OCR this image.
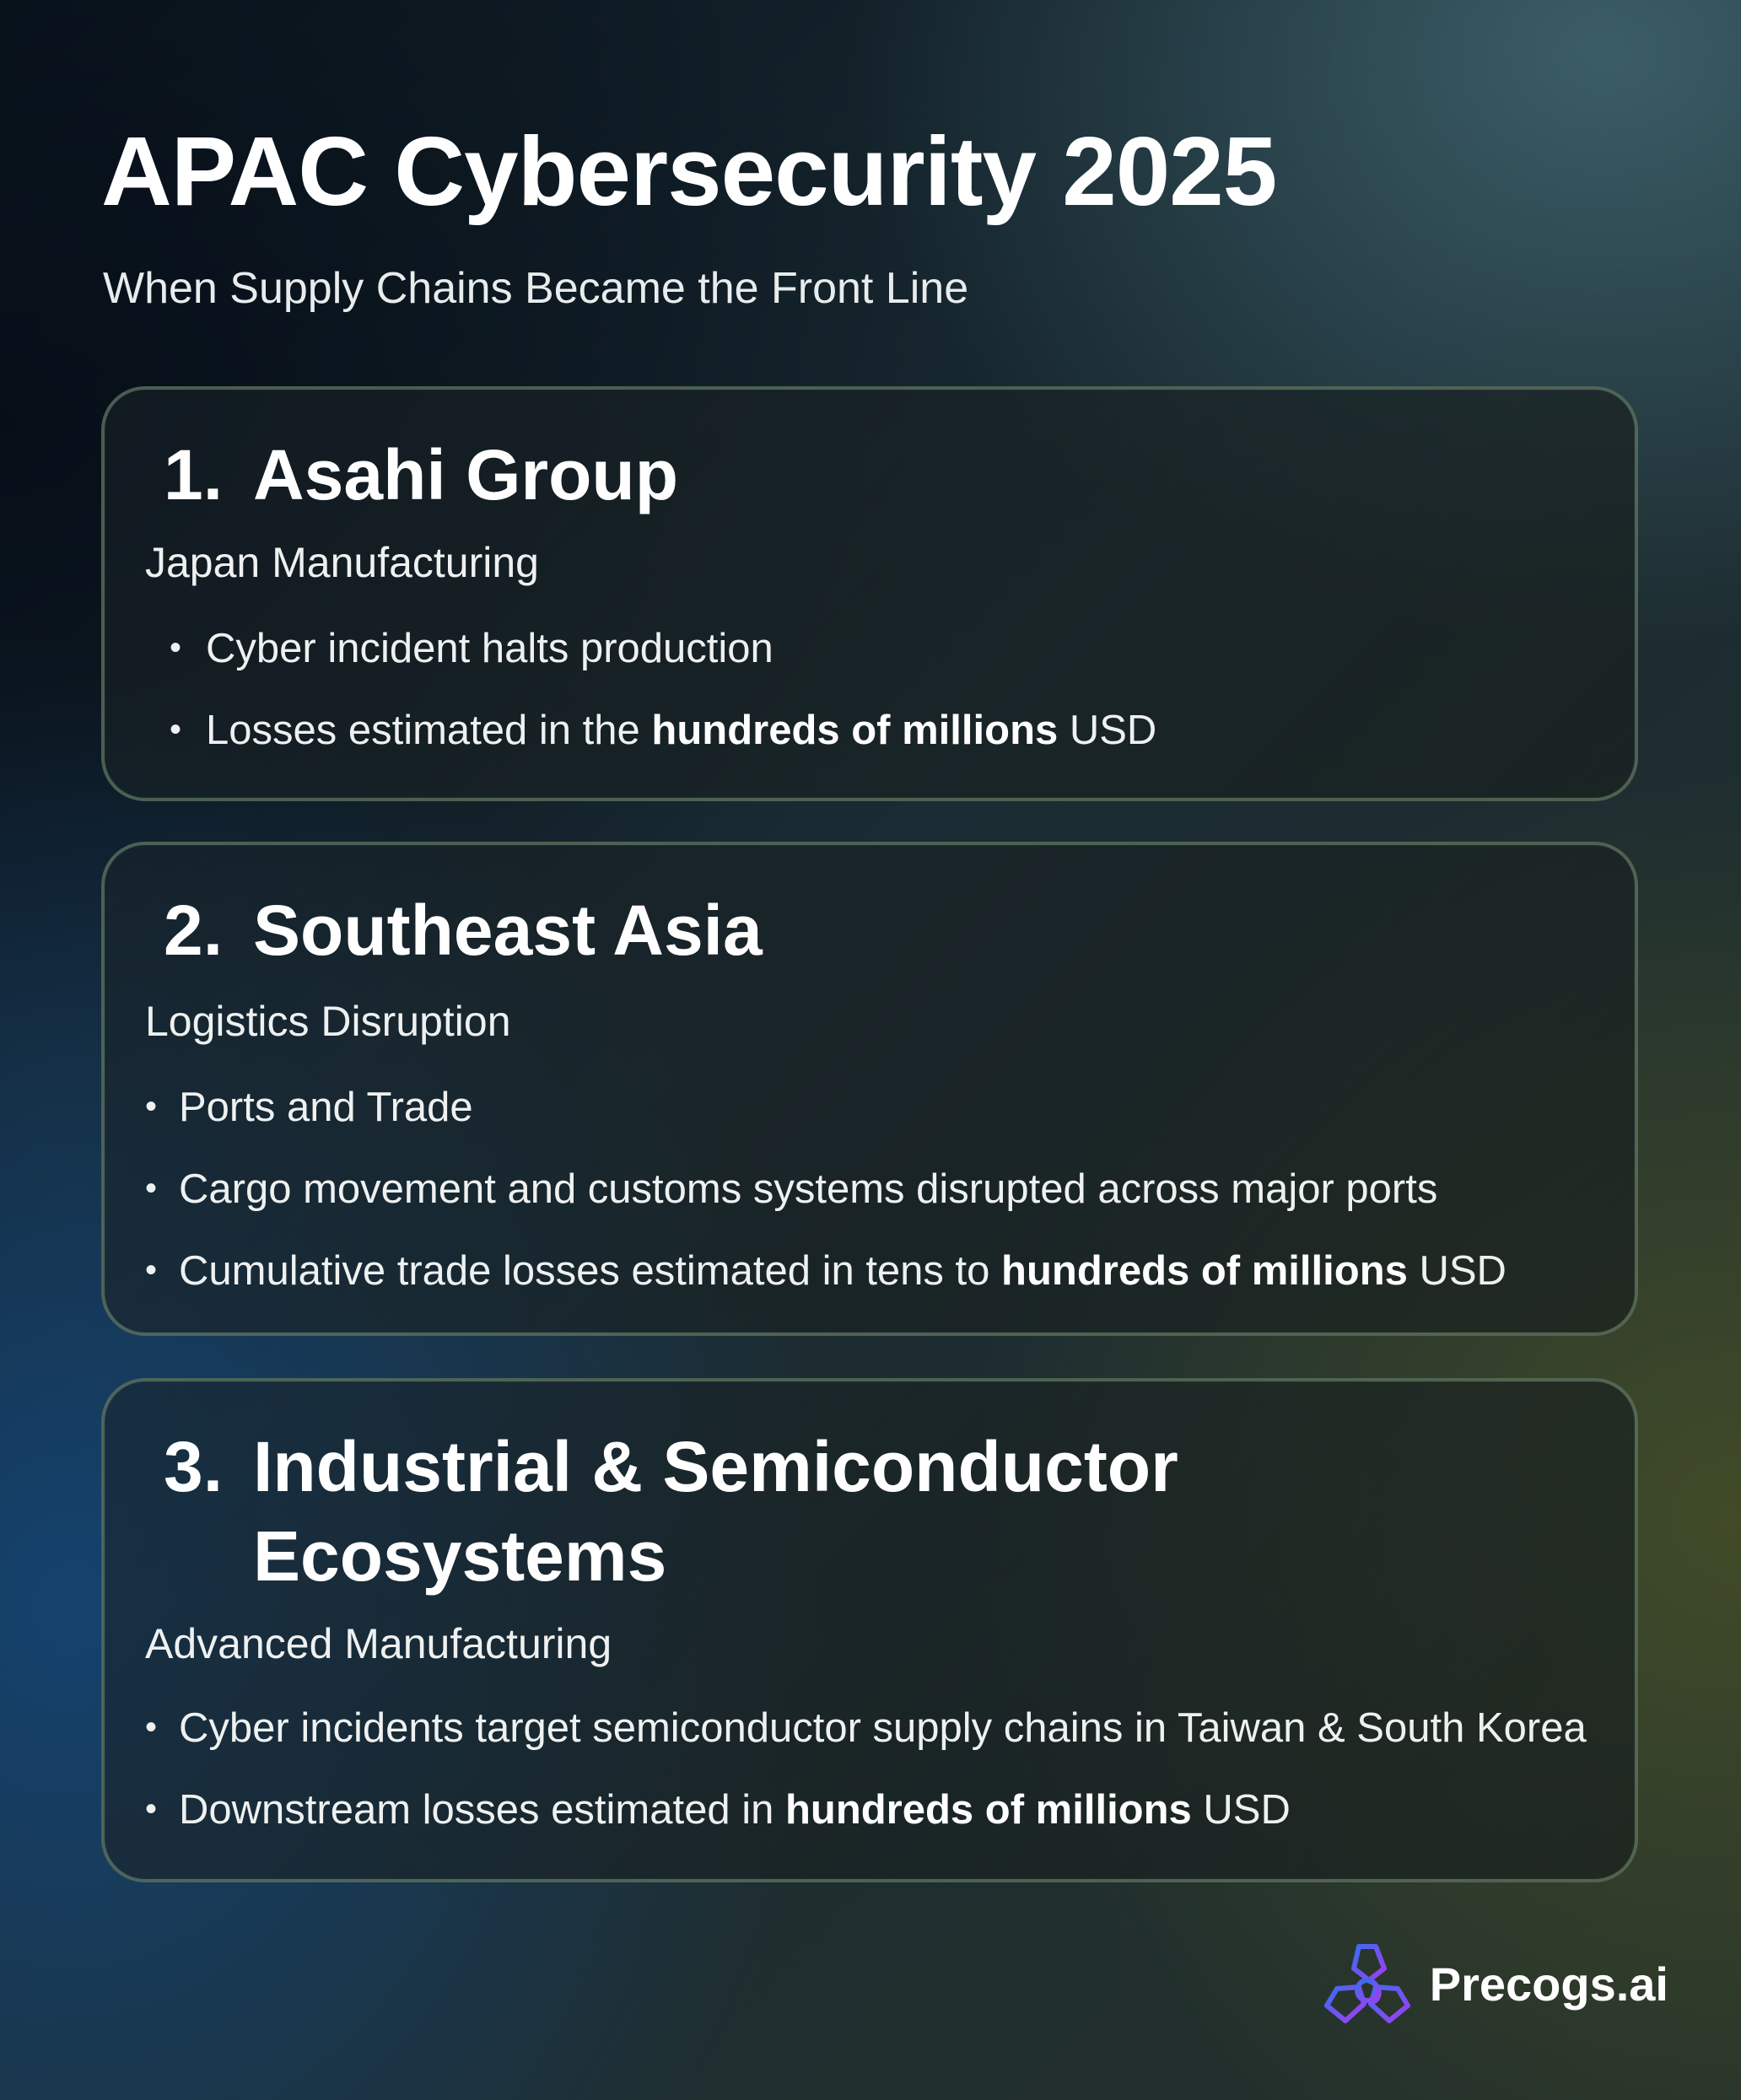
APAC Cybersecurity 2025
When Supply Chains Became the Front Line
1. Asahi Group

Japan Manufacturing

• Cyber incident halts production
• Losses estimated in the hundreds of millions USD
2. Southeast Asia

Logistics Disruption

• Ports and Trade
• Cargo movement and customs systems disrupted across major ports
• Cumulative trade losses estimated in tens to hundreds of millions USD
3. Industrial & Semiconductor Ecosystems

Advanced Manufacturing

• Cyber incidents target semiconductor supply chains in Taiwan & South Korea
• Downstream losses estimated in hundreds of millions USD
Precogs.ai
